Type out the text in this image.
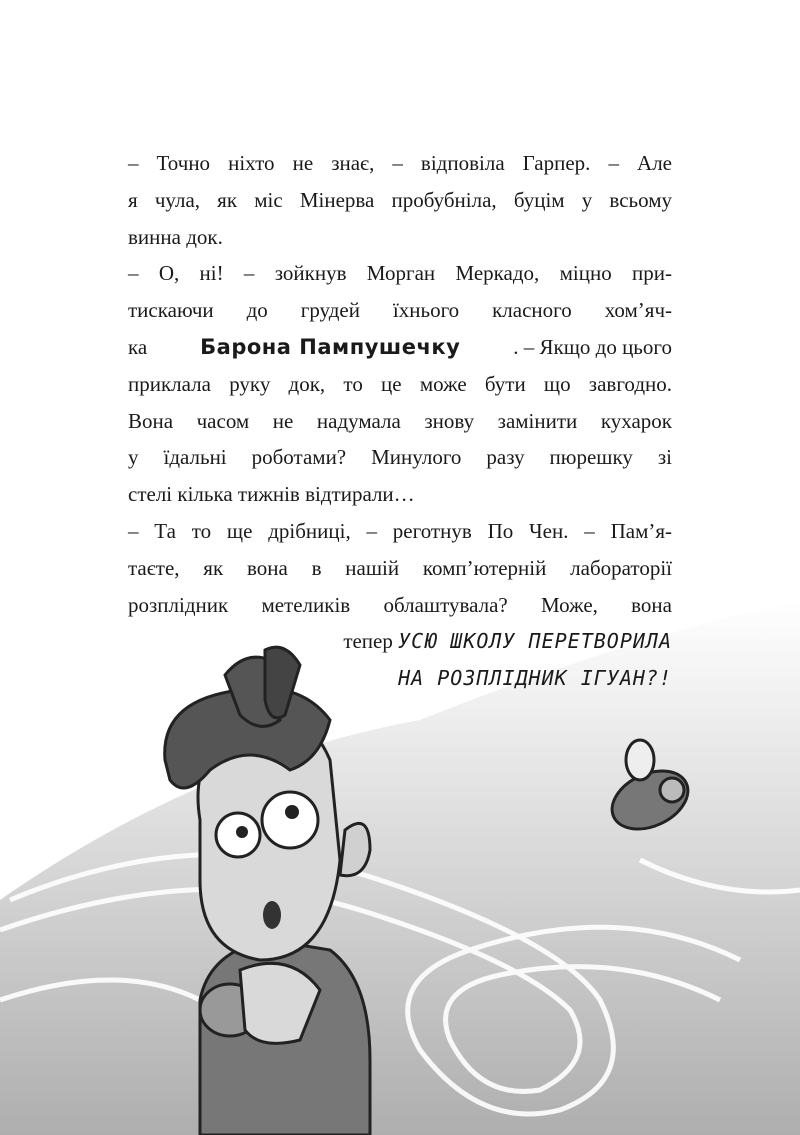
– Точно ніхто не знає, – відповіла Гарпер. – Але
я чула, як міс Мінерва пробубніла, буцім у всьому
винна док.
– О, ні! – зойкнув Морган Меркадо, міцно при-
тискаючи до грудей їхнього класного хом’яч-
ка	Барона Пампушечку	. – Якщо до цього
приклала руку док, то це може бути що завгодно.
Вона часом не надумала знову замінити кухарок
у їдальні роботами? Минулого разу пюрешку зі
стелі кілька тижнів відтирали…
– Та то ще дрібниці, – реготнув По Чен. – Пам’я-
таєте, як вона в нашій комп’ютерній лабораторії
розплідник метеликів облаштувала? Може, вона
тепер УСЮ ШКОЛУ ПЕРЕТВОРИЛА
НА РОЗПЛІДНИК ІГУАН?!
